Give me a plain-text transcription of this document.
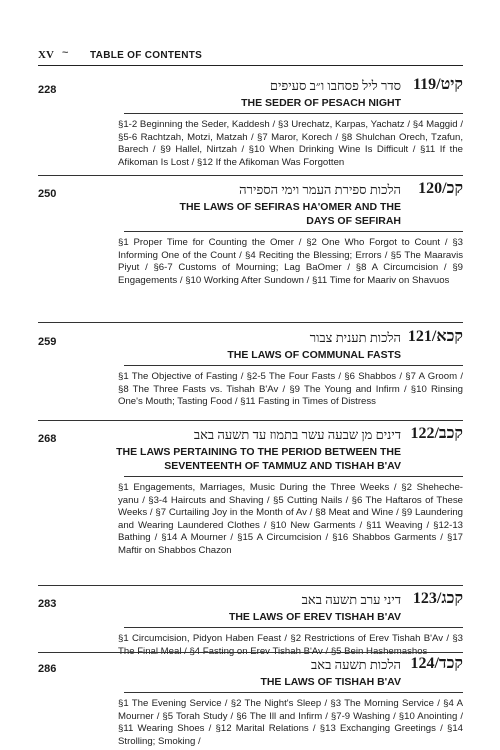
XV ~ TABLE OF CONTENTS
228	סדר ליל פסחבו ו״ב סעיפים קיט/119
THE SEDER OF PESACH NIGHT
§1-2 Beginning the Seder, Kaddesh / §3 Urechatz, Karpas, Yachatz / §4 Maggid / §5-6 Rachtzah, Motzi, Matzah / §7 Maror, Korech / §8 Shulchan Orech, Tzafun, Barech / §9 Hallel, Nirtzah / §10 When Drinking Wine Is Difficult / §11 If the Afikoman Is Lost / §12 If the Afikoman Was Forgotten
250	הלכות ספירת העמר וימי הספירה קכ/120
THE LAWS OF SEFIRAS HA'OMER AND THE DAYS OF SEFIRAH
§1 Proper Time for Counting the Omer / §2 One Who Forgot to Count / §3 Informing One of the Count / §4 Reciting the Blessing; Errors / §5 The Maaravis Piyut / §6-7 Customs of Mourning; Lag BaOmer / §8 A Circumcision / §9 Engagements / §10 Working After Sundown / §11 Time for Maariv on Shavuos
259	הלכות תענית צבור קכא/121
THE LAWS OF COMMUNAL FASTS
§1 The Objective of Fasting / §2-5 The Four Fasts / §6 Shabbos / §7 A Groom / §8 The Three Fasts vs. Tishah B'Av / §9 The Young and Infirm / §10 Rinsing One's Mouth; Tasting Food / §11 Fasting in Times of Distress
268	דינים מן שבעה עשר בתמוז עד תשעה באב קכב/122
THE LAWS PERTAINING TO THE PERIOD BETWEEN THE SEVENTEENTH OF TAMMUZ AND TISHAH B'AV
§1 Engagements, Marriages, Music During the Three Weeks / §2 Sheheche-yanu / §3-4 Haircuts and Shaving / §5 Cutting Nails / §6 The Haftaros of These Weeks / §7 Curtailing Joy in the Month of Av / §8 Meat and Wine / §9 Laundering and Wearing Laundered Clothes / §10 New Garments / §11 Weaving / §12-13 Bathing / §14 A Mourner / §15 A Circumcision / §16 Shabbos Garments / §17 Maftir on Shabbos Chazon
283	דיני ערב תשעה באב קכג/123
THE LAWS OF EREV TISHAH B'AV
§1 Circumcision, Pidyon Haben Feast / §2 Restrictions of Erev Tishah B'Av / §3 The Final Meal / §4 Fasting on Erev Tishah B'Av / §5 Bein Hashemashos
286	הלכות תשעה באב קכד/124
THE LAWS OF TISHAH B'AV
§1 The Evening Service / §2 The Night's Sleep / §3 The Morning Service / §4 A Mourner / §5 Torah Study / §6 The Ill and Infirm / §7-9 Washing / §10 Anointing / §11 Wearing Shoes / §12 Marital Relations / §13 Exchanging Greetings / §14 Strolling; Smoking /
